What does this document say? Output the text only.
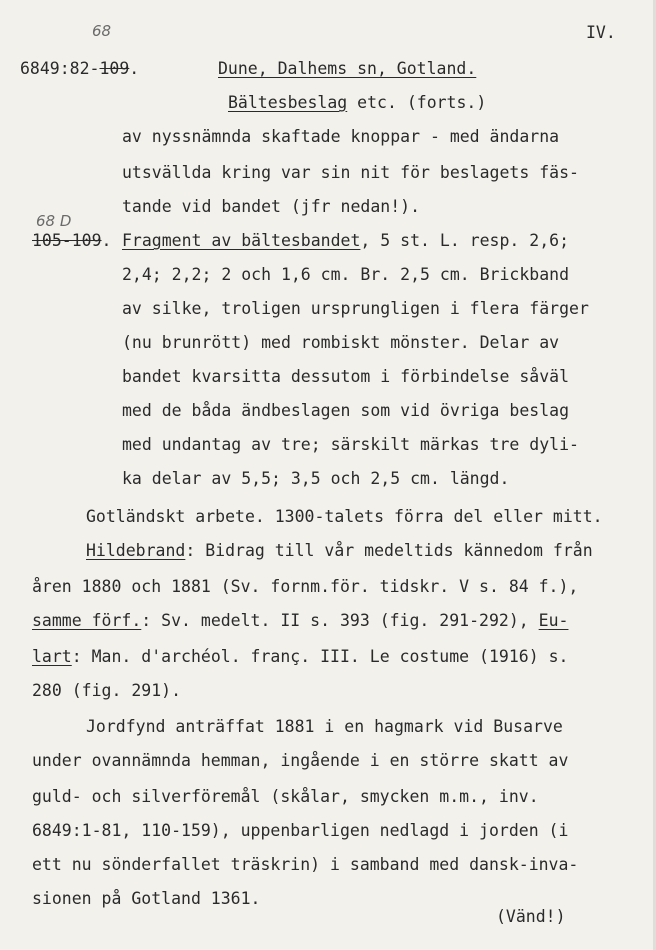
68	IV.
6849:82-109.	Dune, Dalhems sn, Gotland.
Bältesbeslag etc. (forts.)
av nyssnämnda skaftade knoppar - med ändarna
utsvällda kring var sin nit för beslagets fäs-
tande vid bandet (jfr nedan!).
68 D
105-109. Fragment av bältesbandet, 5 st. L. resp. 2,6;
2,4; 2,2; 2 och 1,6 cm. Br. 2,5 cm. Brickband
av silke, troligen ursprungligen i flera färger
(nu brunrött) med rombiskt mönster. Delar av
bandet kvarsitta dessutom i förbindelse såväl
med de båda ändbeslagen som vid övriga beslag
med undantag av tre; särskilt märkas tre dyli-
ka delar av 5,5; 3,5 och 2,5 cm. längd.
Gotländskt arbete. 1300-talets förra del eller mitt.
Hildebrand: Bidrag till vår medeltids kännedom från
åren 1880 och 1881 (Sv. fornm.för. tidskr. V s. 84 f.),
samme förf.: Sv. medelt. II s. 393 (fig. 291-292), Eu-
lart: Man. d'archéol. franç. III. Le costume (1916) s.
280 (fig. 291).
Jordfynd anträffat 1881 i en hagmark vid Busarve
under ovannämnda hemman, ingående i en större skatt av
guld- och silverföremål (skålar, smycken m.m., inv.
6849:1-81, 110-159), uppenbarligen nedlagd i jorden (i
ett nu sönderfallet träskrin) i samband med dansk-inva-
sionen på Gotland 1361.
(Vänd!)
